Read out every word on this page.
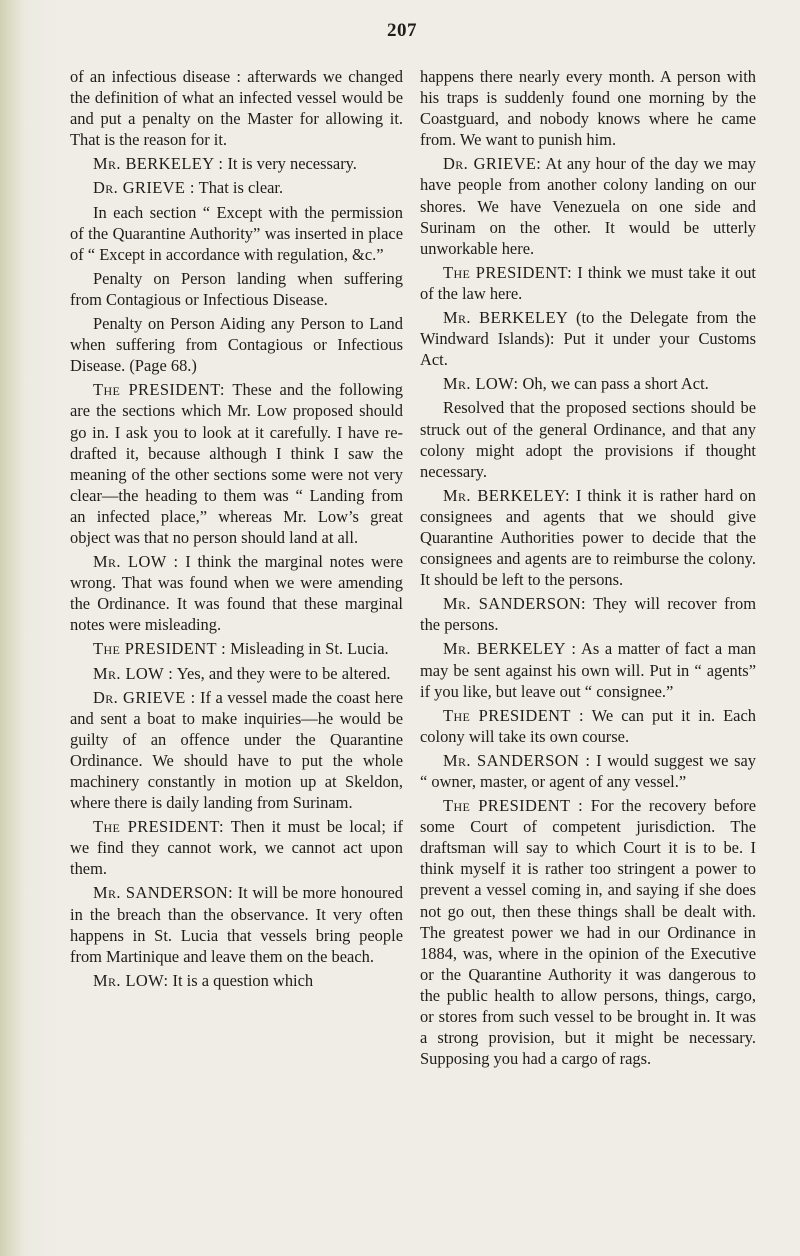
207

of an infectious disease : afterwards we changed the definition of what an infected vessel would be and put a penalty on the Master for allowing it. That is the reason for it.

Mr. BERKELEY : It is very necessary.

Dr. GRIEVE : That is clear.

In each section “ Except with the permission of the Quarantine Authority” was inserted in place of “ Except in accordance with regulation, &c.”

Penalty on Person landing when suffering from Contagious or Infectious Disease.

Penalty on Person Aiding any Person to Land when suffering from Contagious or Infectious Disease. (Page 68.)

The PRESIDENT: These and the following are the sections which Mr. Low proposed should go in. I ask you to look at it carefully. I have re-drafted it, because although I think I saw the meaning of the other sections some were not very clear—the heading to them was “ Landing from an infected place,” whereas Mr. Low’s great object was that no person should land at all.

Mr. LOW : I think the marginal notes were wrong. That was found when we were amending the Ordinance. It was found that these marginal notes were misleading.

The PRESIDENT : Misleading in St. Lucia.

Mr. LOW : Yes, and they were to be altered.

Dr. GRIEVE : If a vessel made the coast here and sent a boat to make inquiries—he would be guilty of an offence under the Quarantine Ordinance. We should have to put the whole machinery constantly in motion up at Skeldon, where there is daily landing from Surinam.

The PRESIDENT: Then it must be local; if we find they cannot work, we cannot act upon them.

Mr. SANDERSON: It will be more honoured in the breach than the observance. It very often happens in St. Lucia that vessels bring people from Martinique and leave them on the beach.

Mr. LOW: It is a question which

happens there nearly every month. A person with his traps is suddenly found one morning by the Coastguard, and nobody knows where he came from. We want to punish him.

Dr. GRIEVE: At any hour of the day we may have people from another colony landing on our shores. We have Venezuela on one side and Surinam on the other. It would be utterly unworkable here.

The PRESIDENT: I think we must take it out of the law here.

Mr. BERKELEY (to the Delegate from the Windward Islands): Put it under your Customs Act.

Mr. LOW: Oh, we can pass a short Act.

Resolved that the proposed sections should be struck out of the general Ordinance, and that any colony might adopt the provisions if thought necessary.

Mr. BERKELEY: I think it is rather hard on consignees and agents that we should give Quarantine Authorities power to decide that the consignees and agents are to reimburse the colony. It should be left to the persons.

Mr. SANDERSON: They will recover from the persons.

Mr. BERKELEY : As a matter of fact a man may be sent against his own will. Put in “ agents” if you like, but leave out “ consignee.”

The PRESIDENT : We can put it in. Each colony will take its own course.

Mr. SANDERSON : I would suggest we say “ owner, master, or agent of any vessel.”

The PRESIDENT : For the recovery before some Court of competent jurisdiction. The draftsman will say to which Court it is to be. I think myself it is rather too stringent a power to prevent a vessel coming in, and saying if she does not go out, then these things shall be dealt with. The greatest power we had in our Ordinance in 1884, was, where in the opinion of the Executive or the Quarantine Authority it was dangerous to the public health to allow persons, things, cargo, or stores from such vessel to be brought in. It was a strong provision, but it might be necessary. Supposing you had a cargo of rags.
